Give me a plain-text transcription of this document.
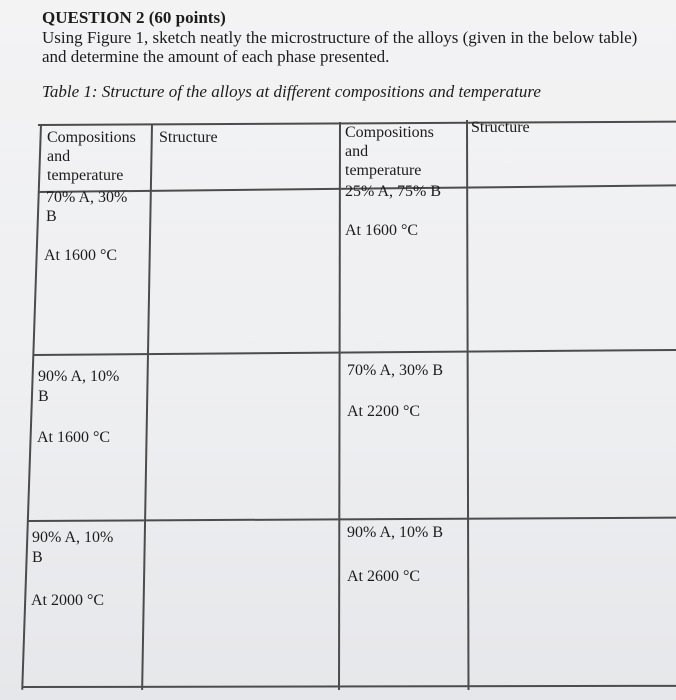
QUESTION 2 (60 points)

Using Figure 1, sketch neatly the microstructure of the alloys (given in the below table) and determine the amount of each phase presented.

Table 1: Structure of the alloys at different compositions and temperature

Compositions
and
temperature

Structure	Compositions
and
temperature

Structure

70% A, 30%

B

At 1600 °C

25% A, 75% B

At 1600 °C

90% A, 10%

B

At 1600 °C

70% A, 30% B

At 2200 °C

90% A, 10%

B

At 2000 °C

90% A, 10% B

At 2600 °C
